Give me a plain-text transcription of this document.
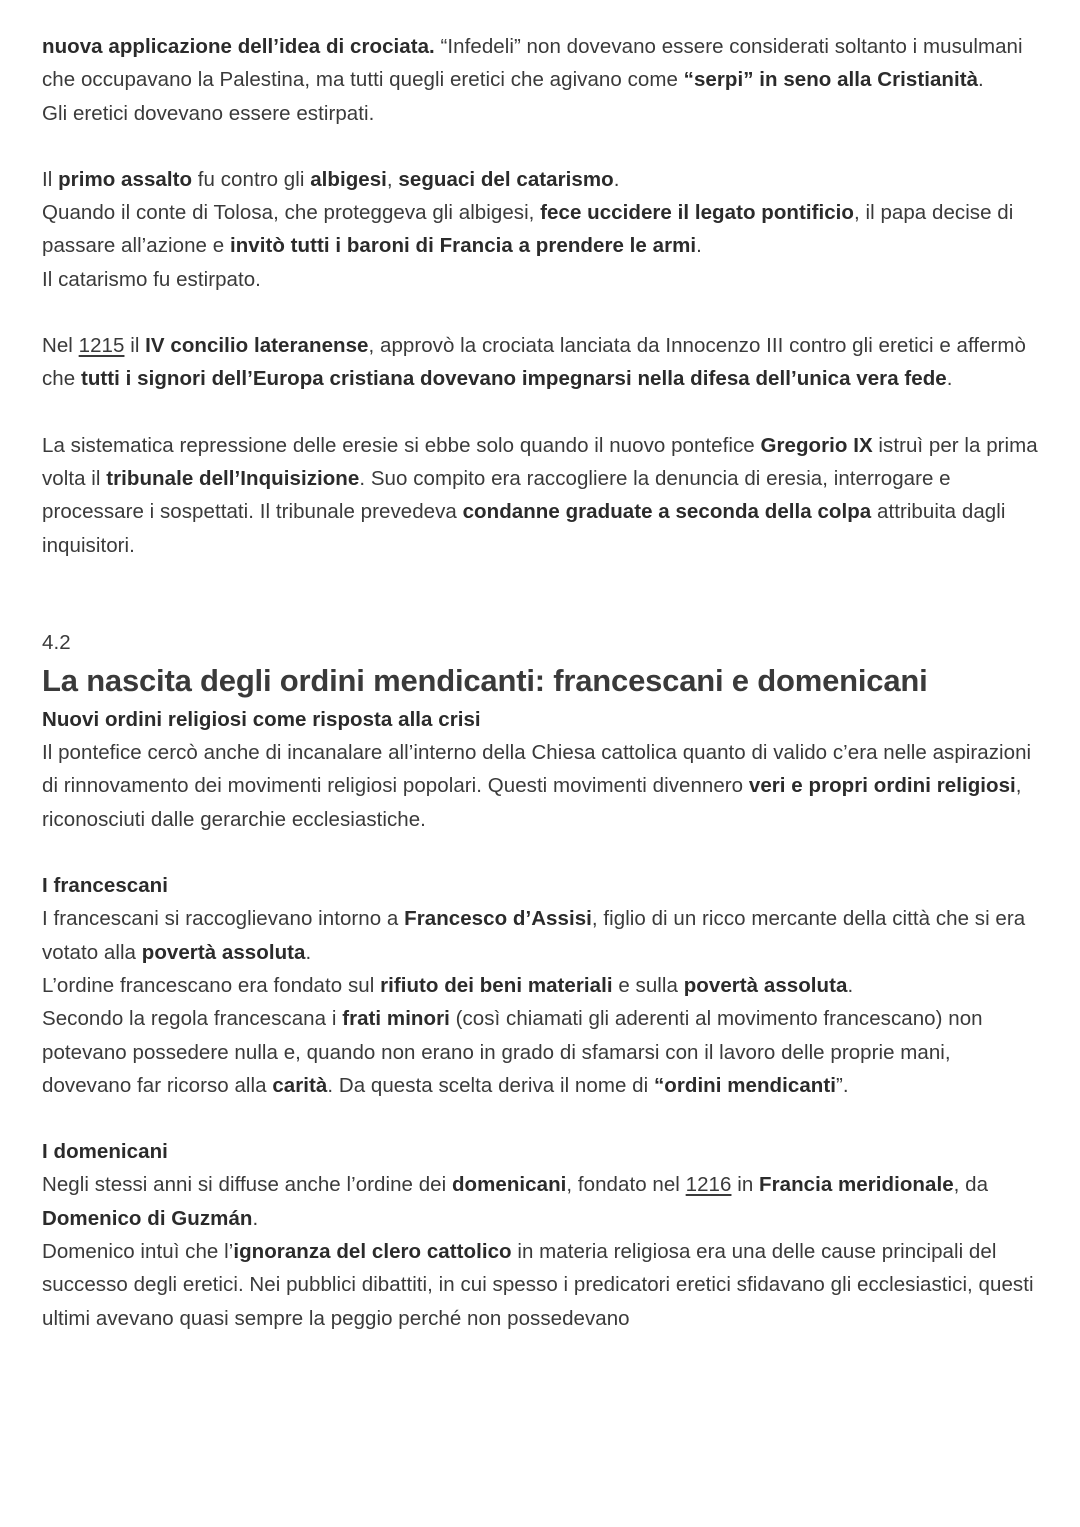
nuova applicazione dell’idea di crociata. “Infedeli” non dovevano essere considerati soltanto i musulmani che occupavano la Palestina, ma tutti quegli eretici che agivano come “serpi” in seno alla Cristianità.
Gli eretici dovevano essere estirpati.

Il primo assalto fu contro gli albigesi, seguaci del catarismo.
Quando il conte di Tolosa, che proteggeva gli albigesi, fece uccidere il legato pontificio, il papa decise di passare all’azione e invitò tutti i baroni di Francia a prendere le armi.
Il catarismo fu estirpato.

Nel 1215 il IV concilio lateranense, approvò la crociata lanciata da Innocenzo III contro gli eretici e affermò che tutti i signori dell’Europa cristiana dovevano impegnarsi nella difesa dell’unica vera fede.

La sistematica repressione delle eresie si ebbe solo quando il nuovo pontefice Gregorio IX istruì per la prima volta il tribunale dell’Inquisizione. Suo compito era raccogliere la denuncia di eresia, interrogare e processare i sospettati. Il tribunale prevedeva condanne graduate a seconda della colpa attribuita dagli inquisitori.

4.2

La nascita degli ordini mendicanti: francescani e domenicani

Nuovi ordini religiosi come risposta alla crisi
Il pontefice cercò anche di incanalare all’interno della Chiesa cattolica quanto di valido c’era nelle aspirazioni di rinnovamento dei movimenti religiosi popolari. Questi movimenti divennero veri e propri ordini religiosi, riconosciuti dalle gerarchie ecclesiastiche.

I francescani
I francescani si raccoglievano intorno a Francesco d’Assisi, figlio di un ricco mercante della città che si era votato alla povertà assoluta.
L’ordine francescano era fondato sul rifiuto dei beni materiali e sulla povertà assoluta.
Secondo la regola francescana i frati minori (così chiamati gli aderenti al movimento francescano) non potevano possedere nulla e, quando non erano in grado di sfamarsi con il lavoro delle proprie mani, dovevano far ricorso alla carità. Da questa scelta deriva il nome di “ordini mendicanti”.

I domenicani
Negli stessi anni si diffuse anche l’ordine dei domenicani, fondato nel 1216 in Francia meridionale, da Domenico di Guzmán.
Domenico intuì che l’ignoranza del clero cattolico in materia religiosa era una delle cause principali del successo degli eretici. Nei pubblici dibattiti, in cui spesso i predicatori eretici sfidavano gli ecclesiastici, questi ultimi avevano quasi sempre la peggio perché non possedevano
